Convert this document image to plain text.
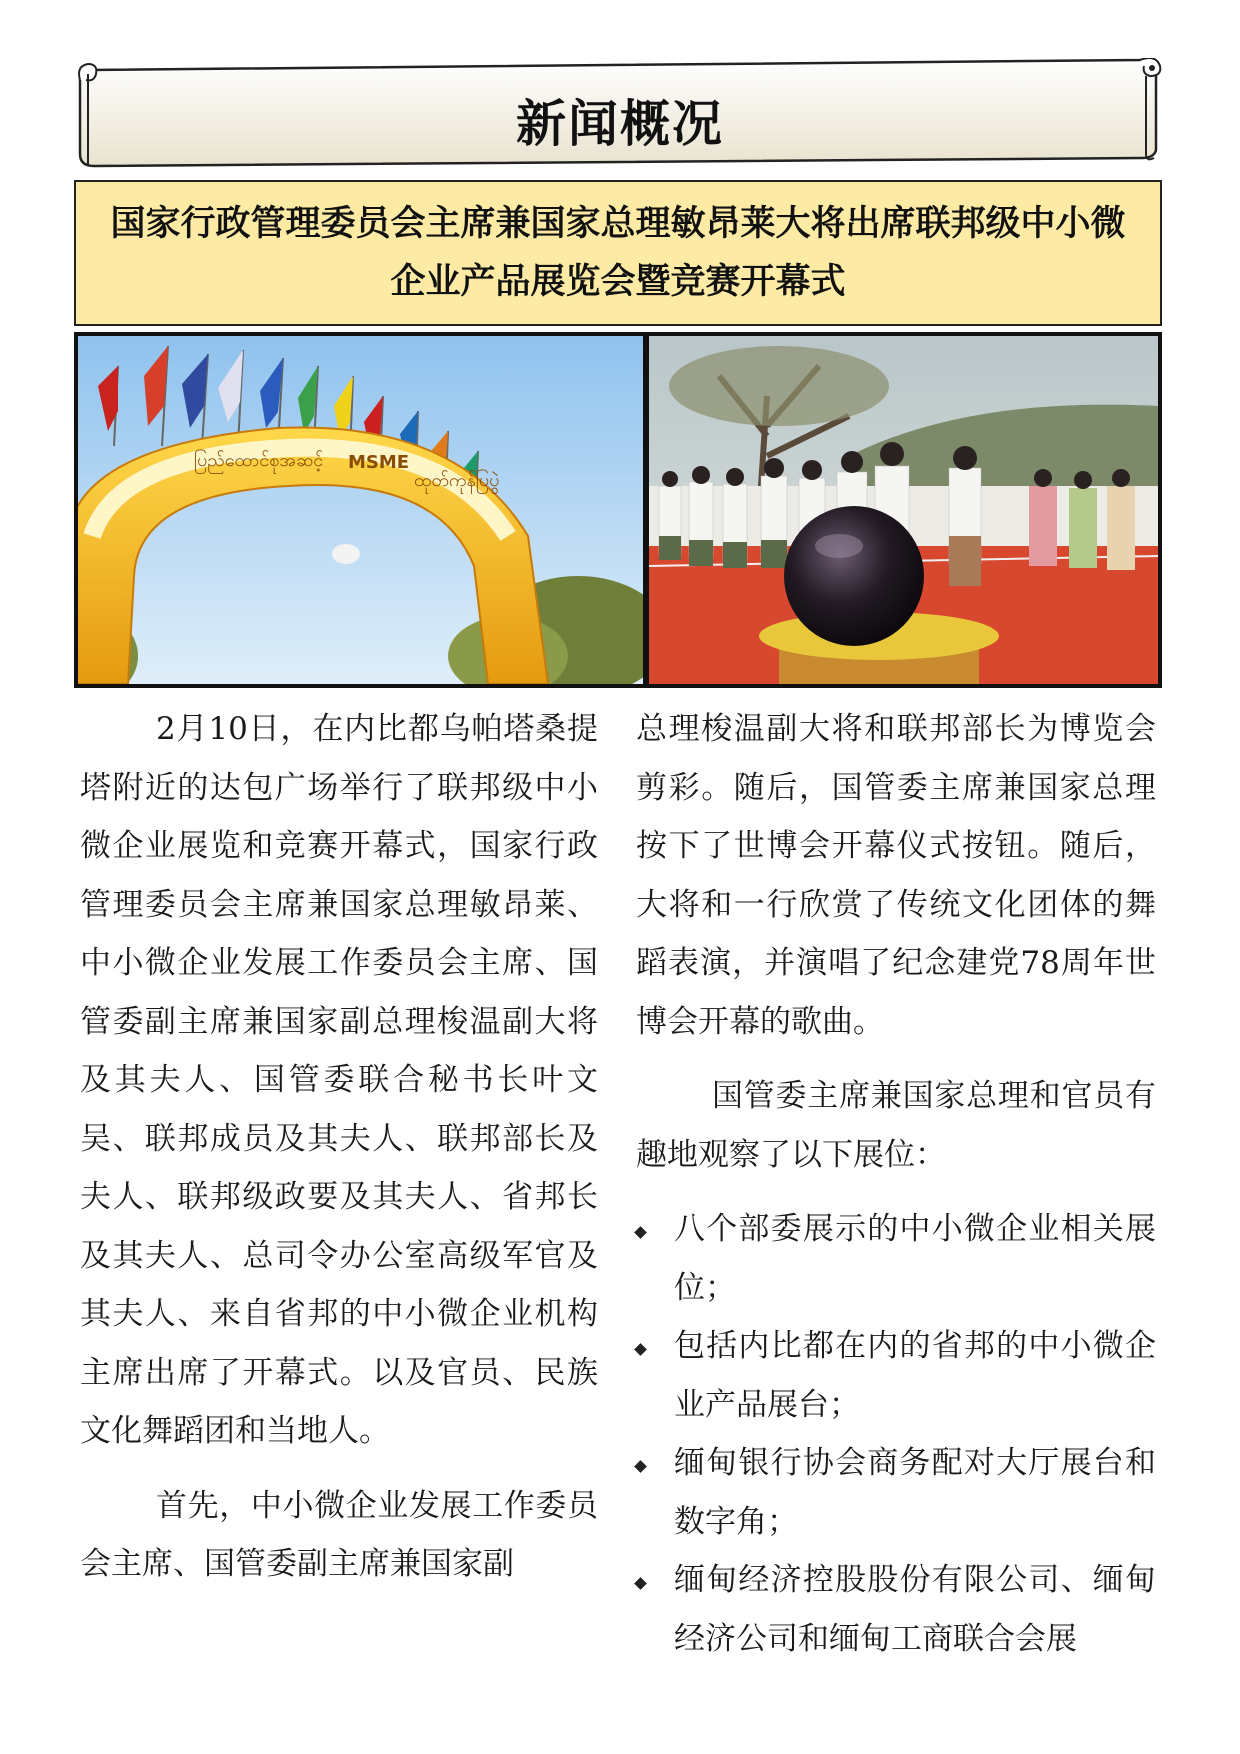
新闻概况
国家行政管理委员会主席兼国家总理敏昂莱大将出席联邦级中小微企业产品展览会暨竞赛开幕式
ပြည်ထောင်စုအဆင့် MSME
ထုတ်ကုန်ပြပွဲ

2月10日，在内比都乌帕塔桑提塔附近的达包广场举行了联邦级中小微企业展览和竞赛开幕式，国家行政管理委员会主席兼国家总理敏昂莱、中小微企业发展工作委员会主席、国管委副主席兼国家副总理梭温副大将及其夫人、国管委联合秘书长叶文吴、联邦成员及其夫人、联邦部长及夫人、联邦级政要及其夫人、省邦长及其夫人、总司令办公室高级军官及其夫人、来自省邦的中小微企业机构主席出席了开幕式。以及官员、民族文化舞蹈团和当地人。

首先，中小微企业发展工作委员会主席、国管委副主席兼国家副

总理梭温副大将和联邦部长为博览会剪彩。随后，国管委主席兼国家总理按下了世博会开幕仪式按钮。随后，大将和一行欣赏了传统文化团体的舞蹈表演，并演唱了纪念建党78周年世博会开幕的歌曲。

国管委主席兼国家总理和官员有趣地观察了以下展位：

八个部委展示的中小微企业相关展位；
包括内比都在内的省邦的中小微企业产品展台；
缅甸银行协会商务配对大厅展台和数字角；
缅甸经济控股股份有限公司、缅甸经济公司和缅甸工商联合会展
